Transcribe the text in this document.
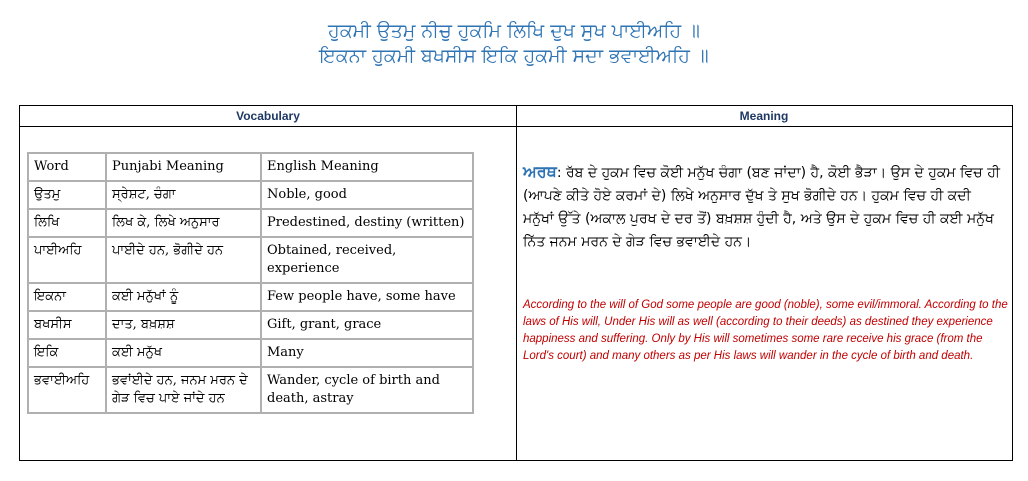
ਹੁਕਮੀ ਉਤਮੁ ਨੀਚੁ ਹੁਕਮਿ ਲਿਖਿ ਦੁਖ ਸੁਖ ਪਾਈਅਹਿ ॥
ਇਕਨਾ ਹੁਕਮੀ ਬਖਸੀਸ ਇਕਿ ਹੁਕਮੀ ਸਦਾ ਭਵਾਈਅਹਿ ॥
Vocabulary	Meaning
Word	Punjabi Meaning	English Meaning
ਉਤਮੁ	ਸ੍ਰੇਸ਼ਟ, ਚੰਗਾ	Noble, good
ਲਿਖਿ	ਲਿਖ ਕੇ, ਲਿਖੇ ਅਨੁਸਾਰ	Predestined, destiny (written)
ਪਾਈਅਹਿ	ਪਾਈਦੇ ਹਨ, ਭੋਗੀਦੇ ਹਨ	Obtained, received, experience
ਇਕਨਾ	ਕਈ ਮਨੁੱਖਾਂ ਨੂੰ	Few people have, some have
ਬਖਸੀਸ	ਦਾਤ, ਬਖ਼ਸ਼ਸ਼	Gift, grant, grace
ਇਕਿ	ਕਈ ਮਨੁੱਖ	Many
ਭਵਾਈਅਹਿ	ਭਵਾਂਈਦੇ ਹਨ, ਜਨਮ ਮਰਨ ਦੇ ਗੇੜ ਵਿਚ ਪਾਏ ਜਾਂਦੇ ਹਨ	Wander, cycle of birth and death, astray
ਅਰਥ: ਰੱਬ ਦੇ ਹੁਕਮ ਵਿਚ ਕੋਈ ਮਨੁੱਖ ਚੰਗਾ (ਬਣ ਜਾਂਦਾ) ਹੈ, ਕੋਈ ਭੈੜਾ। ਉਸ ਦੇ ਹੁਕਮ ਵਿਚ ਹੀ (ਆਪਣੇ ਕੀਤੇ ਹੋਏ ਕਰਮਾਂ ਦੇ) ਲਿਖੇ ਅਨੁਸਾਰ ਦੁੱਖ ਤੇ ਸੁਖ ਭੋਗੀਦੇ ਹਨ। ਹੁਕਮ ਵਿਚ ਹੀ ਕਦੀ ਮਨੁੱਖਾਂ ਉੱਤੇ (ਅਕਾਲ ਪੁਰਖ ਦੇ ਦਰ ਤੋਂ) ਬਖ਼ਸ਼ਸ਼ ਹੁੰਦੀ ਹੈ, ਅਤੇ ਉਸ ਦੇ ਹੁਕਮ ਵਿਚ ਹੀ ਕਈ ਮਨੁੱਖ ਨਿੱਤ ਜਨਮ ਮਰਨ ਦੇ ਗੇੜ ਵਿਚ ਭਵਾਈਦੇ ਹਨ।
According to the will of God some people are good (noble), some evil/immoral. According to the laws of His will, Under His will as well (according to their deeds) as destined they experience happiness and suffering. Only by His will sometimes some rare receive his grace (from the Lord's court) and many others as per His laws will wander in the cycle of birth and death.
